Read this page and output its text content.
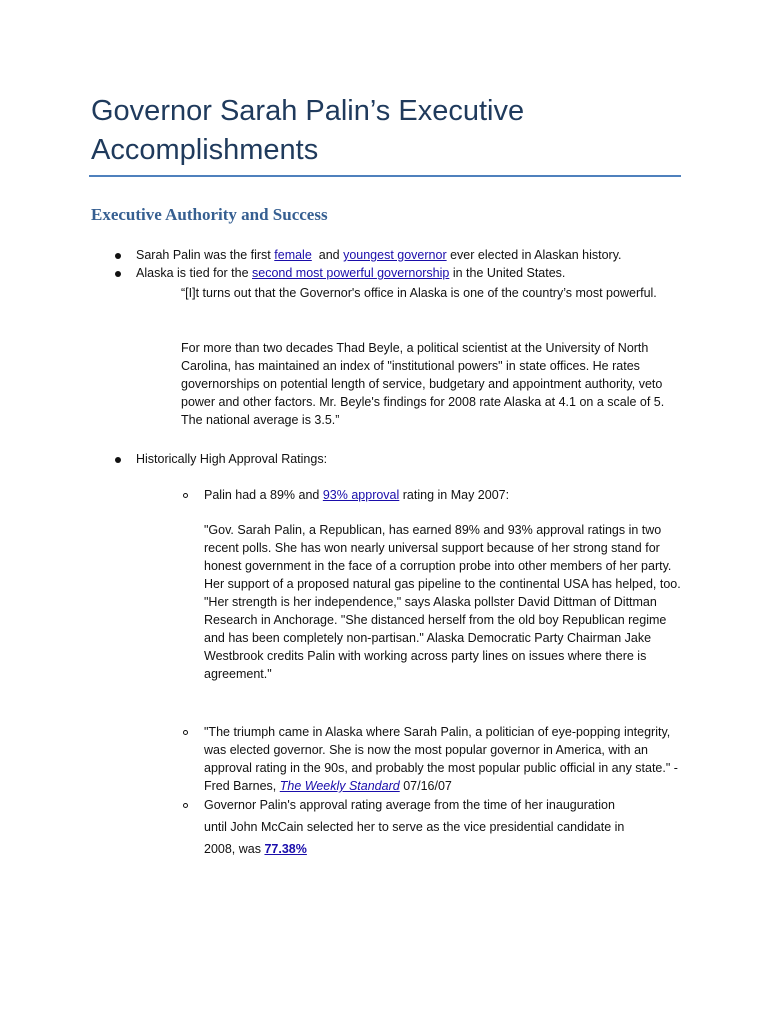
Governor Sarah Palin’s Executive Accomplishments
Executive Authority and Success
Sarah Palin was the first female  and youngest governor ever elected in Alaskan history.
Alaska is tied for the second most powerful governorship in the United States.
“[I]t turns out that the Governor's office in Alaska is one of the country’s most powerful.
For more than two decades Thad Beyle, a political scientist at the University of North Carolina, has maintained an index of "institutional powers" in state offices. He rates governorships on potential length of service, budgetary and appointment authority, veto power and other factors. Mr. Beyle's findings for 2008 rate Alaska at 4.1 on a scale of 5. The national average is 3.5.”
Historically High Approval Ratings:
Palin had a 89% and 93% approval rating in May 2007:
"Gov. Sarah Palin, a Republican, has earned 89% and 93% approval ratings in two recent polls. She has won nearly universal support because of her strong stand for honest government in the face of a corruption probe into other members of her party. Her support of a proposed natural gas pipeline to the continental USA has helped, too. "Her strength is her independence," says Alaska pollster David Dittman of Dittman Research in Anchorage. "She distanced herself from the old boy Republican regime and has been completely non-partisan." Alaska Democratic Party Chairman Jake Westbrook credits Palin with working across party lines on issues where there is agreement."
"The triumph came in Alaska where Sarah Palin, a politician of eye-popping integrity, was elected governor. She is now the most popular governor in America, with an approval rating in the 90s, and probably the most popular public official in any state." - Fred Barnes, The Weekly Standard 07/16/07
Governor Palin's approval rating average from the time of her inauguration
until John McCain selected her to serve as the vice presidential candidate in
2008, was 77.38%
